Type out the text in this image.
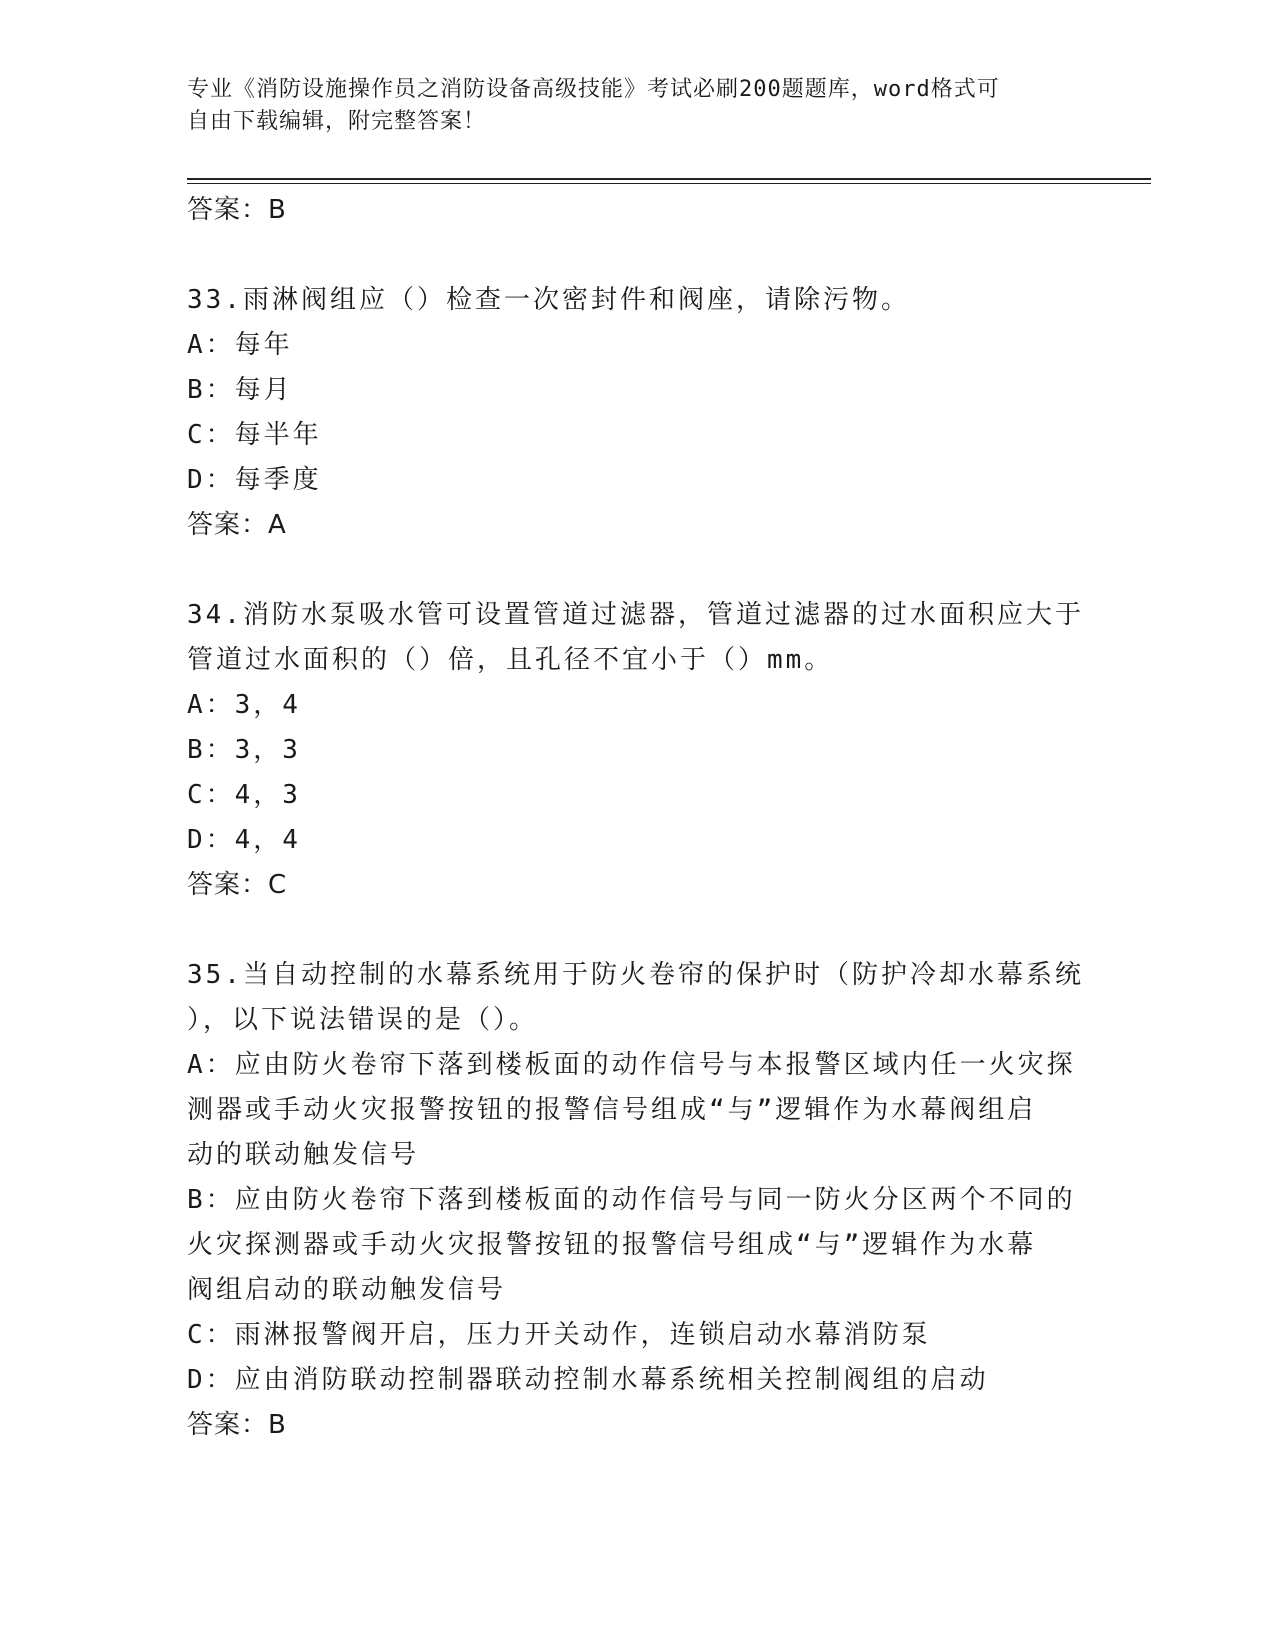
专业《消防设施操作员之消防设备高级技能》考试必刷200题题库，word格式可
自由下载编辑，附完整答案！
答案：B
33.雨淋阀组应（）检查一次密封件和阀座，请除污物。
A：每年
B：每月
C：每半年
D：每季度
答案：A
34.消防水泵吸水管可设置管道过滤器，管道过滤器的过水面积应大于
管道过水面积的（）倍，且孔径不宜小于（）mm。
A：3，4
B：3，3
C：4，3
D：4，4
答案：C
35.当自动控制的水幕系统用于防火卷帘的保护时（防护冷却水幕系统
），以下说法错误的是（）。
A：应由防火卷帘下落到楼板面的动作信号与本报警区域内任一火灾探
测器或手动火灾报警按钮的报警信号组成“与”逻辑作为水幕阀组启
动的联动触发信号
B：应由防火卷帘下落到楼板面的动作信号与同一防火分区两个不同的
火灾探测器或手动火灾报警按钮的报警信号组成“与”逻辑作为水幕
阀组启动的联动触发信号
C：雨淋报警阀开启，压力开关动作，连锁启动水幕消防泵
D：应由消防联动控制器联动控制水幕系统相关控制阀组的启动
答案：B
